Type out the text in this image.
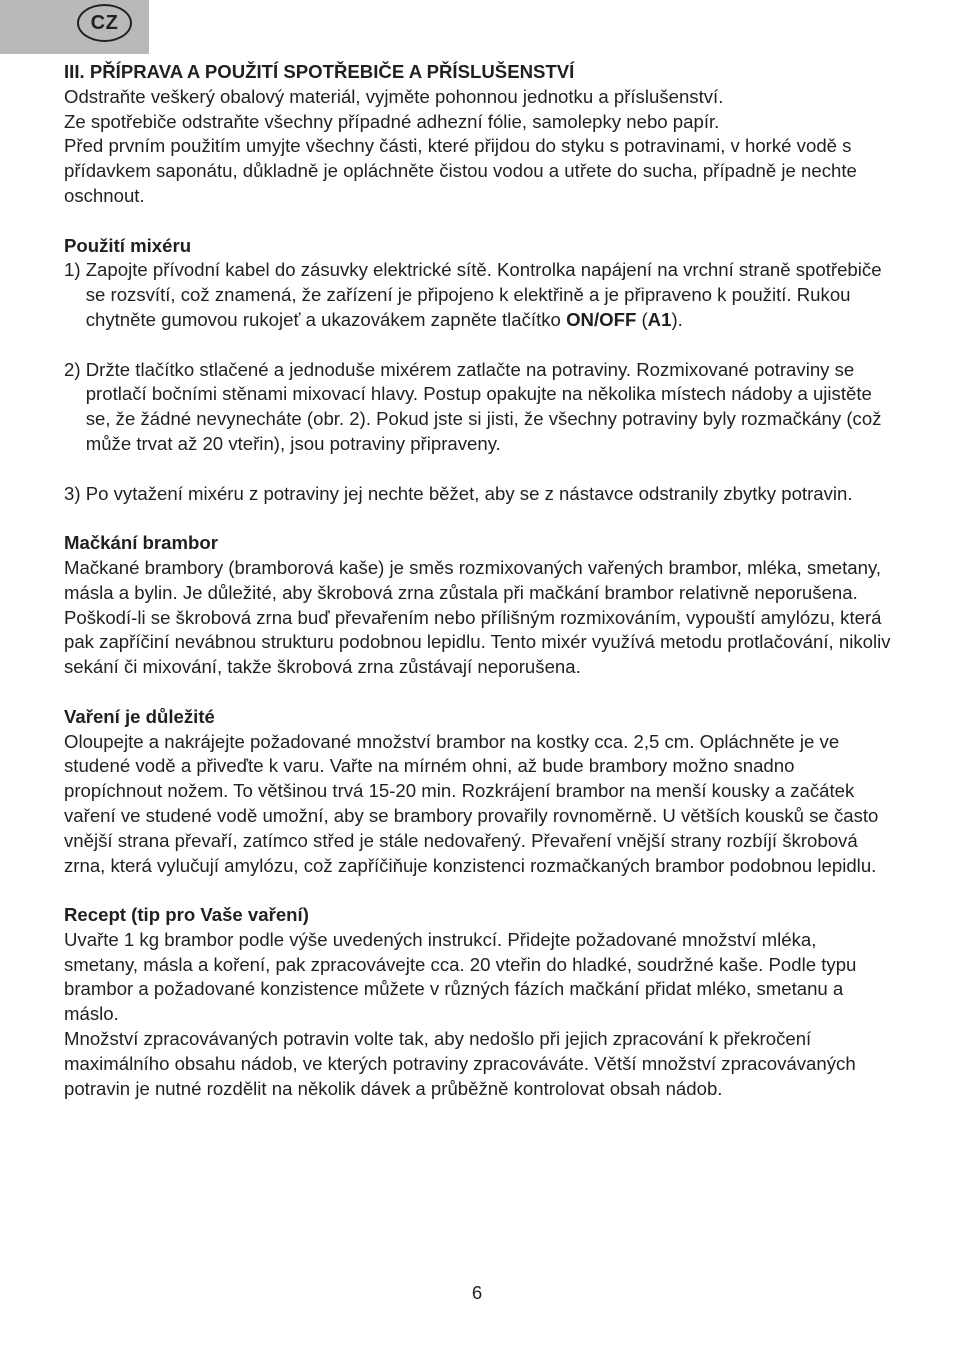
CZ

III. PŘÍPRAVA A POUŽITÍ SPOTŘEBIČE A PŘÍSLUŠENSTVÍ

Odstraňte veškerý obalový materiál, vyjměte pohonnou jednotku a příslušenství.

Ze spotřebiče odstraňte všechny případné adhezní fólie, samolepky nebo papír.

Před prvním použitím umyjte všechny části, které přijdou do styku s potravinami, v horké vodě s přídavkem saponátu, důkladně je opláchněte čistou vodou a utřete do sucha, případně je nechte oschnout.

Použití mixéru

1) Zapojte přívodní kabel do zásuvky elektrické sítě. Kontrolka napájení na vrchní straně spotřebiče se rozsvítí, což znamená, že zařízení je připojeno k elektřině a je připraveno k použití. Rukou chytněte gumovou rukojeť a ukazovákem zapněte tlačítko ON/OFF (A1).
2) Držte tlačítko stlačené a jednoduše mixérem zatlačte na potraviny. Rozmixované potraviny se protlačí bočními stěnami mixovací hlavy. Postup opakujte na několika místech nádoby a ujistěte se, že žádné nevynecháte (obr. 2). Pokud jste si jisti, že všechny potraviny byly rozmačkány (což může trvat až 20 vteřin), jsou potraviny připraveny.
3) Po vytažení mixéru z potraviny jej nechte běžet, aby se z nástavce odstranily zbytky potravin.

Mačkání brambor

Mačkané brambory (bramborová kaše) je směs rozmixovaných vařených brambor, mléka, smetany, másla a bylin. Je důležité, aby škrobová zrna zůstala při mačkání brambor relativně neporušena. Poškodí-li se škrobová zrna buď převařením nebo přílišným rozmixováním, vypouští amylózu, která pak zapříčiní nevábnou strukturu podobnou lepidlu. Tento mixér využívá metodu protlačování, nikoliv sekání či mixování, takže škrobová zrna zůstávají neporušena.

Vaření je důležité

Oloupejte a nakrájejte požadované množství brambor na kostky cca. 2,5 cm. Opláchněte je ve studené vodě a přiveďte k varu. Vařte na mírném ohni, až bude brambory možno snadno propíchnout nožem. To většinou trvá 15-20 min. Rozkrájení brambor na menší kousky a začátek vaření ve studené vodě umožní, aby se brambory provařily rovnoměrně. U větších kousků se často vnější strana převaří, zatímco střed je stále nedovařený. Převaření vnější strany rozbíjí škrobová zrna, která vylučují amylózu, což zapříčiňuje konzistenci rozmačkaných brambor podobnou lepidlu.

Recept (tip pro Vaše vaření)

Uvařte 1 kg brambor podle výše uvedených instrukcí. Přidejte požadované množství mléka, smetany, másla a koření, pak zpracovávejte cca. 20 vteřin do hladké, soudržné kaše. Podle typu brambor a požadované konzistence můžete v různých fázích mačkání přidat mléko, smetanu a máslo.

Množství zpracovávaných potravin volte tak, aby nedošlo při jejich zpracování k překročení maximálního obsahu nádob, ve kterých potraviny zpracováváte. Větší množství zpracovávaných potravin je nutné rozdělit na několik dávek a průběžně kontrolovat obsah nádob.

6
